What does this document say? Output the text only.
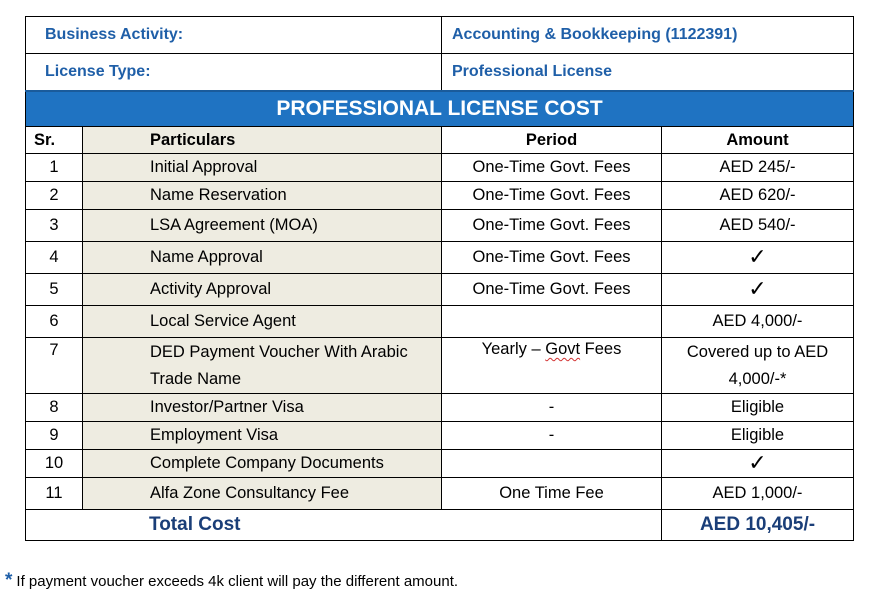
Business Activity:		Accounting & Bookkeeping (1122391)	
License Type:		Professional License	
PROFESSIONAL LICENSE COST			
Sr.	Particulars	Period	Amount
1	Initial Approval	One-Time Govt. Fees	AED 245/-
2	Name Reservation	One-Time Govt. Fees	AED 620/-
3	LSA Agreement (MOA)	One-Time Govt. Fees	AED 540/-
4	Name Approval	One-Time Govt. Fees	✓
5	Activity Approval	One-Time Govt. Fees	✓
6	Local Service Agent		AED 4,000/-
7	DED Payment Voucher With Arabic Trade Name	Yearly – Govt Fees	Covered up to AED 4,000/-*
8	Investor/Partner Visa	-	Eligible
9	Employment Visa	-	Eligible
10	Complete Company Documents		✓
11	Alfa Zone Consultancy Fee	One Time Fee	AED 1,000/-
Total Cost			AED 10,405/-
* If payment voucher exceeds 4k client will pay the different amount.
